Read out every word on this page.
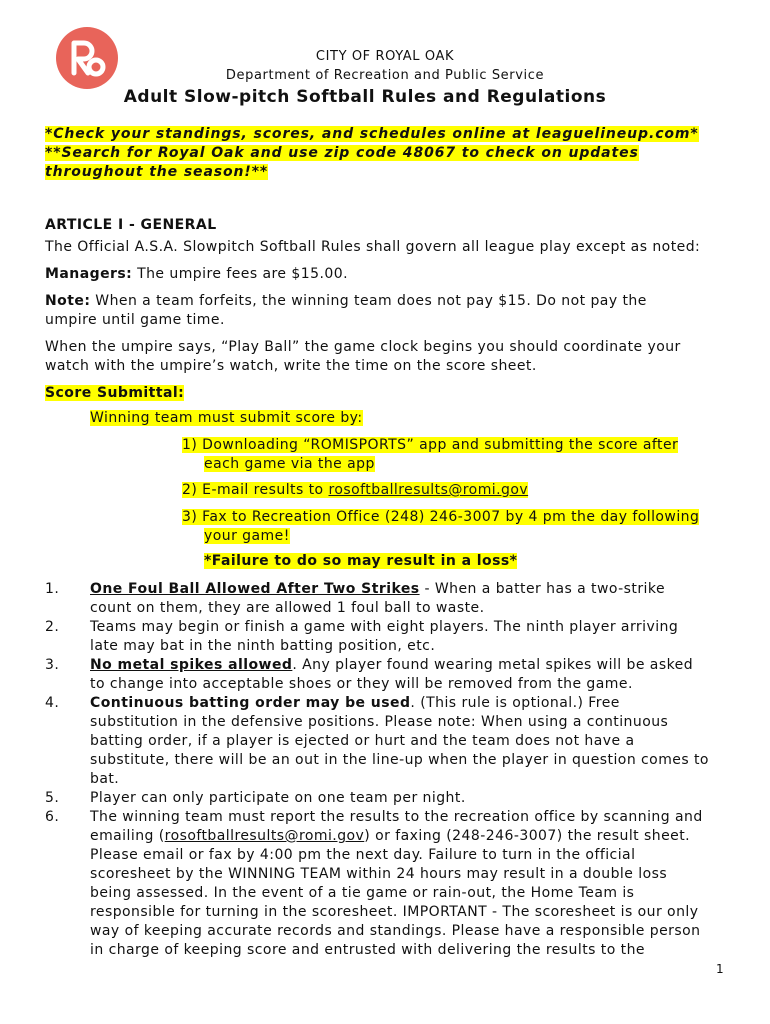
CITY OF ROYAL OAK
Department of Recreation and Public Service
Adult Slow-pitch Softball Rules and Regulations
*Check your standings, scores, and schedules online at leaguelineup.com*
**Search for Royal Oak and use zip code 48067 to check on updates
throughout the season!**
ARTICLE I - GENERAL
The Official A.S.A. Slowpitch Softball Rules shall govern all league play except as noted:
Managers: The umpire fees are $15.00.
Note: When a team forfeits, the winning team does not pay $15. Do not pay the
umpire until game time.
When the umpire says, “Play Ball” the game clock begins you should coordinate your
watch with the umpire’s watch, write the time on the score sheet.
Score Submittal:
Winning team must submit score by:
1) Downloading “ROMISPORTS” app and submitting the score after
each game via the app
2) E-mail results to rosoftballresults@romi.gov
3) Fax to Recreation Office (248) 246-3007 by 4 pm the day following
your game!
*Failure to do so may result in a loss*
1.	One Foul Ball Allowed After Two Strikes - When a batter has a two-strike
count on them, they are allowed 1 foul ball to waste.
2.	Teams may begin or finish a game with eight players. The ninth player arriving
late may bat in the ninth batting position, etc.
3.	No metal spikes allowed. Any player found wearing metal spikes will be asked
to change into acceptable shoes or they will be removed from the game.
4.	Continuous batting order may be used. (This rule is optional.) Free
substitution in the defensive positions. Please note: When using a continuous
batting order, if a player is ejected or hurt and the team does not have a
substitute, there will be an out in the line-up when the player in question comes to
bat.
5.	Player can only participate on one team per night.
6.	The winning team must report the results to the recreation office by scanning and
emailing (rosoftballresults@romi.gov) or faxing (248-246-3007) the result sheet.
Please email or fax by 4:00 pm the next day. Failure to turn in the official
scoresheet by the WINNING TEAM within 24 hours may result in a double loss
being assessed. In the event of a tie game or rain-out, the Home Team is
responsible for turning in the scoresheet. IMPORTANT - The scoresheet is our only
way of keeping accurate records and standings. Please have a responsible person
in charge of keeping score and entrusted with delivering the results to the
1
